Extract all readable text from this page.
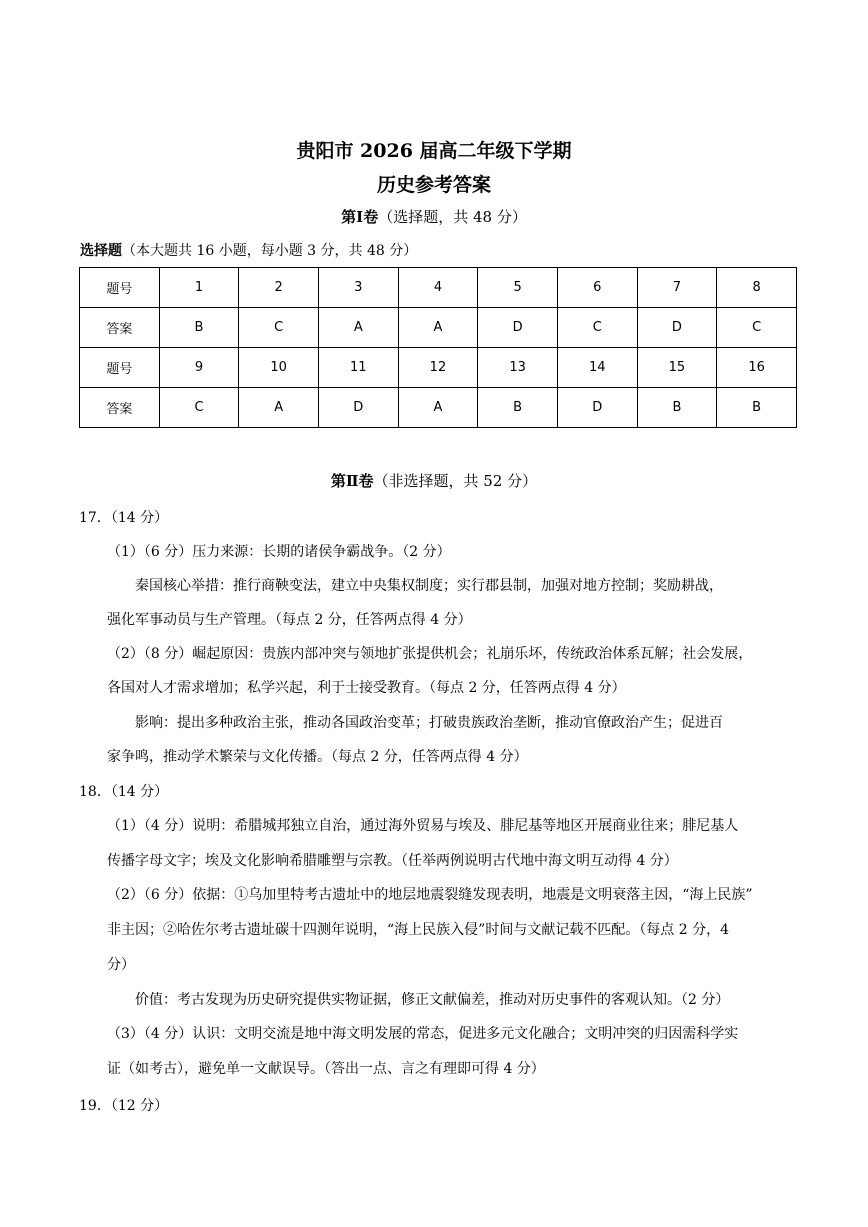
贵阳市 2026 届高二年级下学期
历史参考答案
第Ⅰ卷（选择题，共 48 分）
选择题（本大题共 16 小题，每小题 3 分，共 48 分）
题号	1	2	3	4	5	6	7	8
答案	B	C	A	A	D	C	D	C
题号	9	10	11	12	13	14	15	16
答案	C	A	D	A	B	D	B	B
第Ⅱ卷（非选择题，共 52 分）
17．（14 分）
（1）（6 分）压力来源：长期的诸侯争霸战争。（2 分）
秦国核心举措：推行商鞅变法，建立中央集权制度；实行郡县制，加强对地方控制；奖励耕战，
强化军事动员与生产管理。（每点 2 分，任答两点得 4 分）
（2）（8 分）崛起原因：贵族内部冲突与领地扩张提供机会；礼崩乐坏，传统政治体系瓦解；社会发展，
各国对人才需求增加；私学兴起，利于士接受教育。（每点 2 分，任答两点得 4 分）
影响：提出多种政治主张，推动各国政治变革；打破贵族政治垄断，推动官僚政治产生；促进百
家争鸣，推动学术繁荣与文化传播。（每点 2 分，任答两点得 4 分）
18．（14 分）
（1）（4 分）说明：希腊城邦独立自治，通过海外贸易与埃及、腓尼基等地区开展商业往来；腓尼基人
传播字母文字；埃及文化影响希腊雕塑与宗教。（任举两例说明古代地中海文明互动得 4 分）
（2）（6 分）依据：①乌加里特考古遗址中的地层地震裂缝发现表明，地震是文明衰落主因，“海上民族”
非主因；②哈佐尔考古遗址碳十四测年说明，“海上民族入侵”时间与文献记载不匹配。（每点 2 分，4
分）
价值：考古发现为历史研究提供实物证据，修正文献偏差，推动对历史事件的客观认知。（2 分）
（3）（4 分）认识：文明交流是地中海文明发展的常态，促进多元文化融合；文明冲突的归因需科学实
证（如考古），避免单一文献误导。（答出一点、言之有理即可得 4 分）
19．（12 分）
